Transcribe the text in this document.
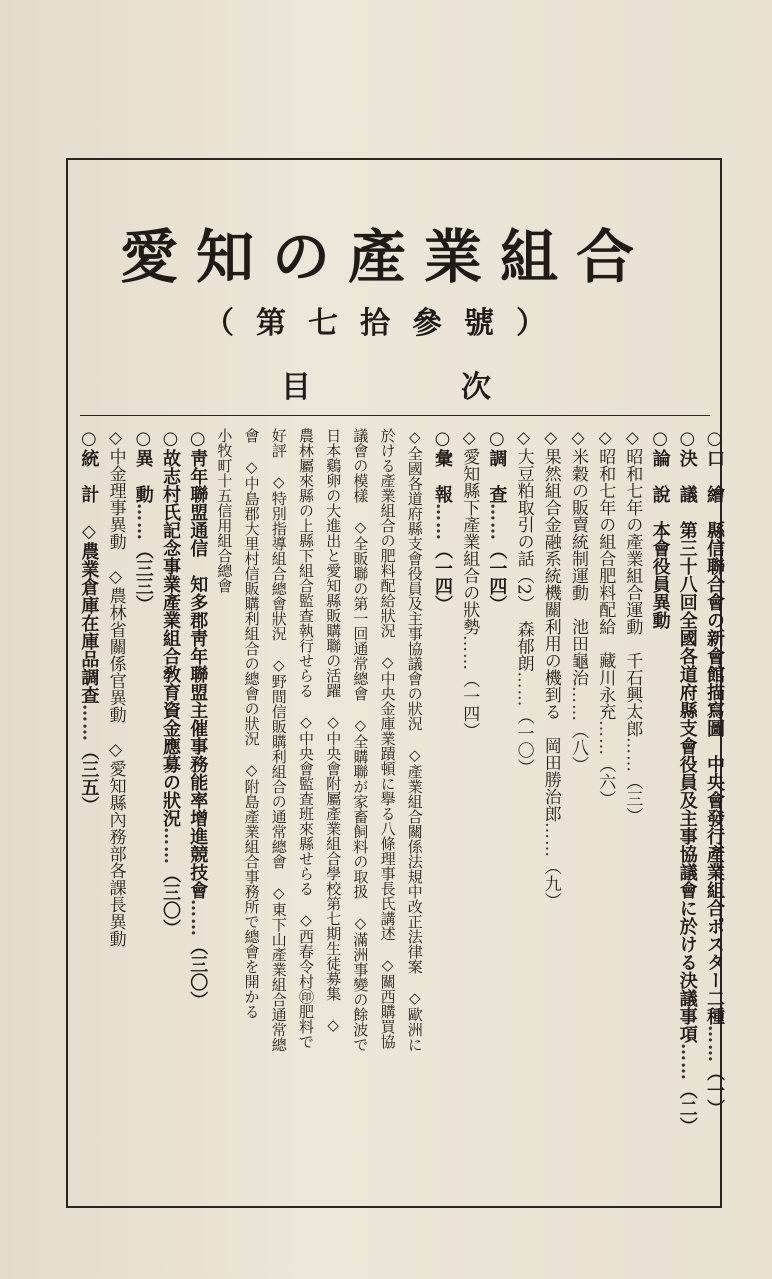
愛知の產業組合
（第七拾參號）
目次
○口　繪　縣信聯合會の新會館描寫圖　中央會發行產業組合ポスター二種……（一）
○決　議　第三十八回全國各道府縣支會役員及主事協議會に於ける決議事項……（二）
○論　說　本會役員異動
◇昭和七年の產業組合運動　千石興太郎……（三）
◇昭和七年の組合肥料配給　藏川永充……（六）
◇米穀の販賣統制運動　池田龜治……（八）
◇果然組合金融系統機關利用の機到る　岡田勝治郎……（九）
◇大豆粕取引の話（2）　森郁朗……（一〇）
○調　査……（一四）
◇愛知縣下產業組合の狀勢……（一四）
○彙　報……（一四）
◇全國各道府縣支會役員及主事協議會の狀況　◇產業組合關係法規中改正法律案　◇歐洲に
於ける產業組合の肥料配給狀況　◇中央金庫業蹟頓に擧る八條理事長氏講述　◇關西購買協
議會の模樣　◇全販聯の第一回通常總會　◇全購聯が家畜飼料の取扱　◇滿洲事變の餘波で
日本鷄卵の大進出と愛知縣販購聯の活躍　◇中央會附屬產業組合學校第七期生徒募集　◇
農林屬來縣の上縣下組合監查執行せらる　◇中央會監查班來縣せらる　◇西春令村㊞肥料で
好評　◇特別指導組合總會狀況　◇野間信販購利組合の通常總會　◇東下山產業組合通常總
會　◇中島郡大里村信販購利組合の總會の狀況　◇附島產業組合事務所で總會を開かる
小牧町十五信用組合總會
○靑年聯盟通信　知多郡靑年聯盟主催事務能率增進競技會……（三〇）
○故志村氏記念事業產業組合敎育資金應募の狀況……（三〇）
○異　動……（三三）
◇中金理事異動　◇農林省關係官異動　◇愛知縣內務部各課長異動
○統　計　◇農業倉庫在庫品調查……（三五）
